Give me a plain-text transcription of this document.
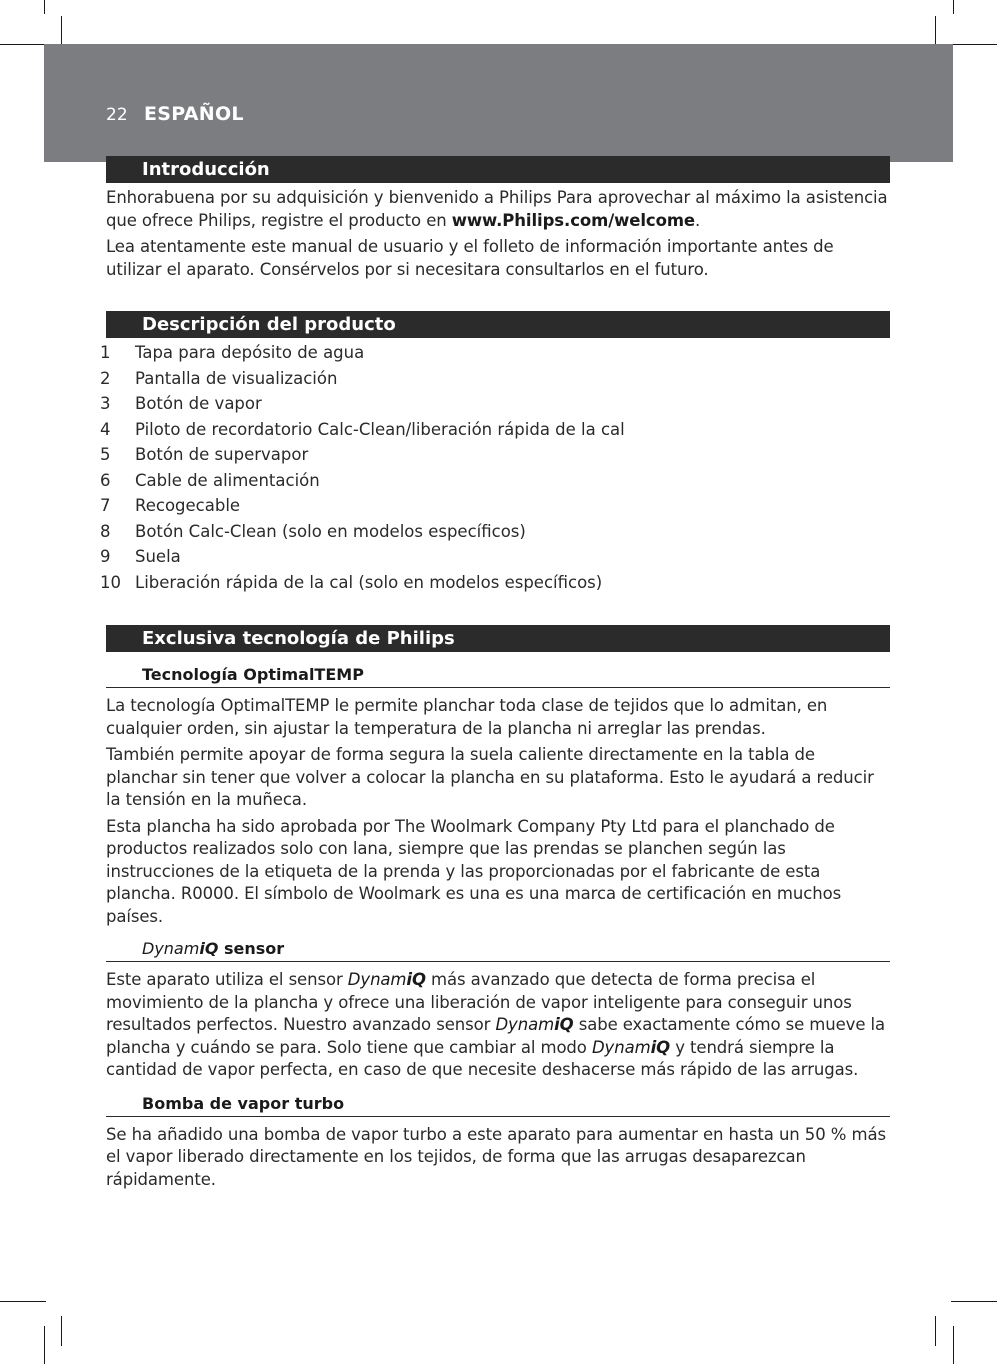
22 ESPAÑOL
Introducción

Enhorabuena por su adquisición y bienvenido a Philips Para aprovechar al máximo la asistencia que ofrece Philips, registre el producto en www.Philips.com/welcome.

Lea atentamente este manual de usuario y el folleto de información importante antes de utilizar el aparato. Consérvelos por si necesitara consultarlos en el futuro.

Descripción del producto
1	Tapa para depósito de agua
2	Pantalla de visualización
3	Botón de vapor
4	Piloto de recordatorio Calc-Clean/liberación rápida de la cal
5	Botón de supervapor
6	Cable de alimentación
7	Recogecable
8	Botón Calc-Clean (solo en modelos específicos)
9	Suela
10 Liberación rápida de la cal (solo en modelos específicos)
Exclusiva tecnología de Philips
Tecnología OptimalTEMP

La tecnología OptimalTEMP le permite planchar toda clase de tejidos que lo admitan, en cualquier orden, sin ajustar la temperatura de la plancha ni arreglar las prendas.

También permite apoyar de forma segura la suela caliente directamente en la tabla de planchar sin tener que volver a colocar la plancha en su plataforma. Esto le ayudará a reducir la tensión en la muñeca.

Esta plancha ha sido aprobada por The Woolmark Company Pty Ltd para el planchado de productos realizados solo con lana, siempre que las prendas se planchen según las instrucciones de la etiqueta de la prenda y las proporcionadas por el fabricante de esta plancha. R0000. El símbolo de Woolmark es una es una marca de certificación en muchos países.

DynamiQ sensor

Este aparato utiliza el sensor DynamiQ más avanzado que detecta de forma precisa el movimiento de la plancha y ofrece una liberación de vapor inteligente para conseguir unos resultados perfectos. Nuestro avanzado sensor DynamiQ sabe exactamente cómo se mueve la plancha y cuándo se para. Solo tiene que cambiar al modo DynamiQ y tendrá siempre la cantidad de vapor perfecta, en caso de que necesite deshacerse más rápido de las arrugas.

Bomba de vapor turbo

Se ha añadido una bomba de vapor turbo a este aparato para aumentar en hasta un 50 % más el vapor liberado directamente en los tejidos, de forma que las arrugas desaparezcan rápidamente.
